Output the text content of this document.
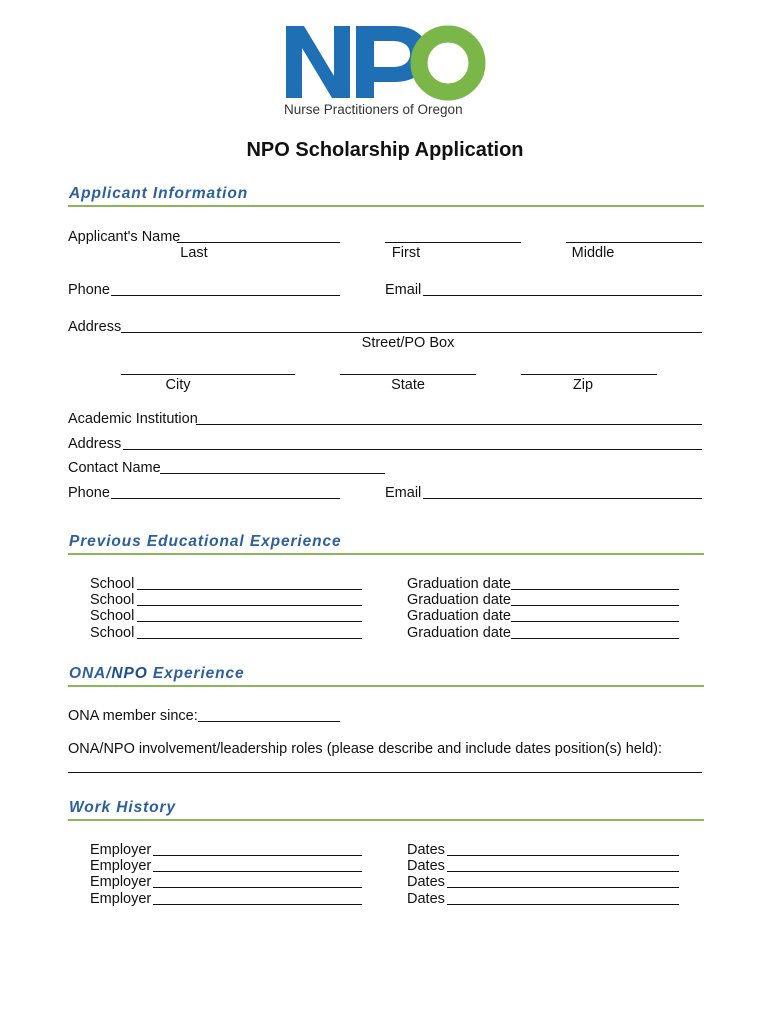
Nurse Practitioners of Oregon
NPO Scholarship Application
Applicant Information
Applicant's Name
Last	First	Middle
Phone	Email
Address
Street/PO Box
City	State	Zip
Academic Institution
Address
Contact Name
Phone	Email
Previous Educational Experience
School	Graduation date
School	Graduation date
School	Graduation date
School	Graduation date
ONA/NPO Experience
ONA member since:
ONA/NPO involvement/leadership roles (please describe and include dates position(s) held):
Work History
Employer	Dates
Employer	Dates
Employer	Dates
Employer	Dates
